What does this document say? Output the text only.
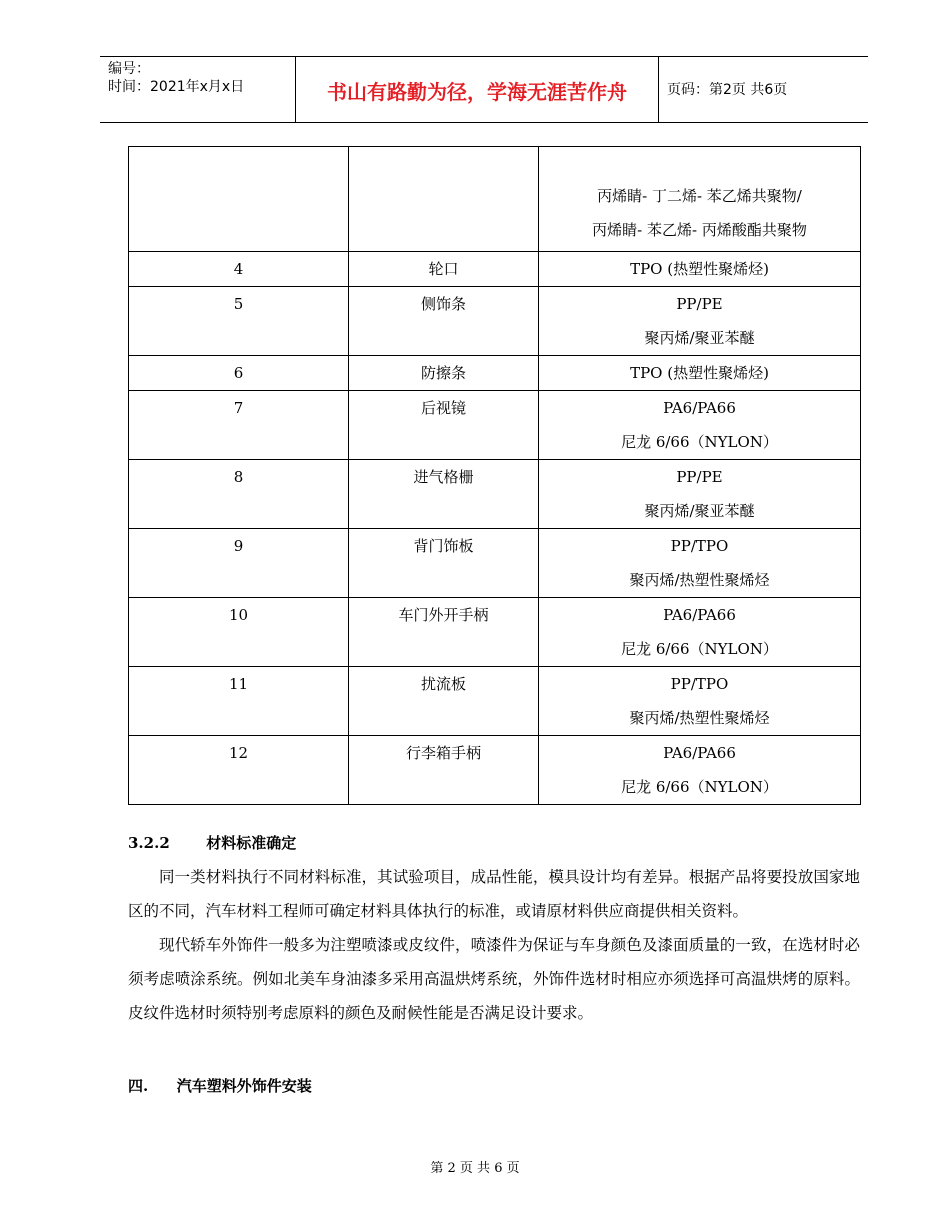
编号：
时间：2021年x月x日	书山有路勤为径，学海无涯苦作舟	页码：第2页 共6页

		丙烯睛- 丁二烯- 苯乙烯共聚物/
丙烯睛- 苯乙烯- 丙烯酸酯共聚物

4	轮口	TPO (热塑性聚烯烃)

5	侧饰条	PP/PE
聚丙烯/聚亚苯醚

6	防擦条	TPO (热塑性聚烯烃)

7	后视镜	PA6/PA66
尼龙 6/66（NYLON）

8	进气格栅	PP/PE
聚丙烯/聚亚苯醚

9	背门饰板	PP/TPO
聚丙烯/热塑性聚烯烃

10	车门外开手柄	PA6/PA66
尼龙 6/66（NYLON）

11	扰流板	PP/TPO
聚丙烯/热塑性聚烯烃

12	行李箱手柄	PA6/PA66
尼龙 6/66（NYLON）
3.2.2 材料标准确定

同一类材料执行不同材料标准，其试验项目，成品性能，模具设计均有差异。根据产品将要投放国家地区的不同，汽车材料工程师可确定材料具体执行的标准，或请原材料供应商提供相关资料。

现代轿车外饰件一般多为注塑喷漆或皮纹件，喷漆件为保证与车身颜色及漆面质量的一致，在选材时必须考虑喷涂系统。例如北美车身油漆多采用高温烘烤系统，外饰件选材时相应亦须选择可高温烘烤的原料。皮纹件选材时须特别考虑原料的颜色及耐候性能是否满足设计要求。

四. 汽车塑料外饰件安装
第 2 页 共 6 页
